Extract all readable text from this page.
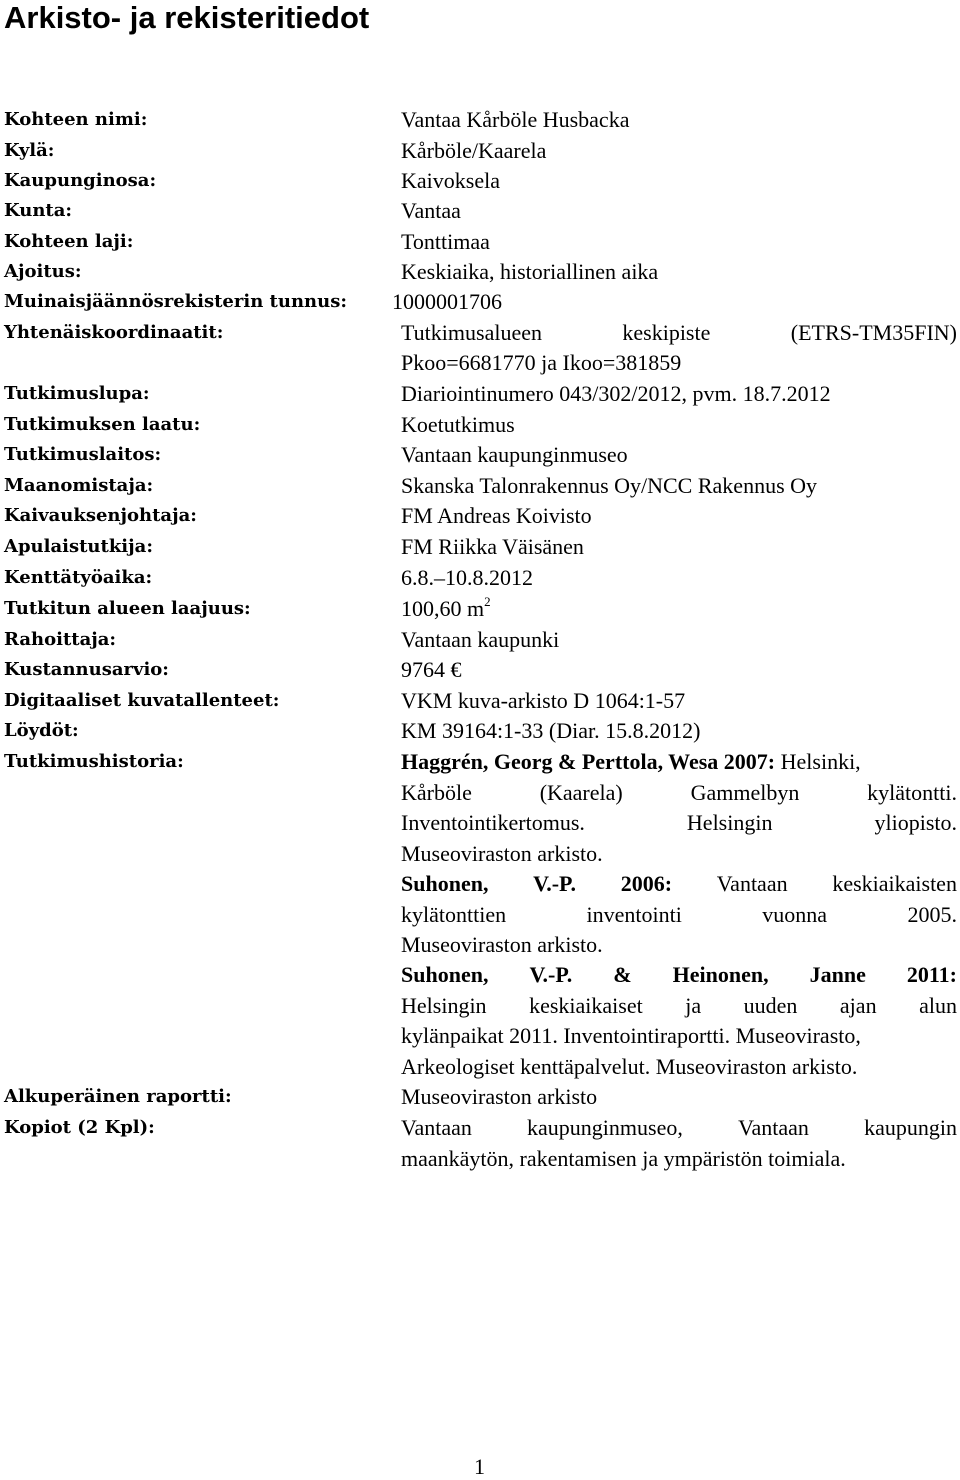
Arkisto- ja rekisteritiedot
Kohteen nimi:	Vantaa Kårböle Husbacka
Kylä:	Kårböle/Kaarela
Kaupunginosa:	Kaivoksela
Kunta:	Vantaa
Kohteen laji:	Tonttimaa
Ajoitus:	Keskiaika, historiallinen aika
Muinaisjäännösrekisterin tunnus: 1000001706
Yhtenäiskoordinaatit:	Tutkimusalueen	keskipiste	(ETRS-TM35FIN)
Pkoo=6681770 ja Ikoo=381859
Tutkimuslupa:	Diariointinumero 043/302/2012, pvm. 18.7.2012
Tutkimuksen laatu:	Koetutkimus
Tutkimuslaitos:	Vantaan kaupunginmuseo
Maanomistaja:	Skanska Talonrakennus Oy/NCC Rakennus Oy
Kaivauksenjohtaja:	FM Andreas Koivisto
Apulaistutkija:	FM Riikka Väisänen
Kenttätyöaika:	6.8.–10.8.2012
Tutkitun alueen laajuus:	100,60 $m^2$
Rahoittaja:	Vantaan kaupunki
Kustannusarvio:	9764 €
Digitaaliset kuvatallenteet:	VKM kuva-arkisto D 1064:1-57
Löydöt:	KM 39164:1-33 (Diar. 15.8.2012)
Tutkimushistoria:	Haggrén, Georg & Perttola, Wesa 2007: Helsinki,
Kårböle	(Kaarela)	Gammelbyn	kylätontti.
Inventointikertomus.	Helsingin	yliopisto.
Museoviraston arkisto.
Suhonen, V.-P. 2006: Vantaan keskiaikaisten
kylätonttien	inventointi	vuonna	2005.
Museoviraston arkisto.
Suhonen, V.-P. & Heinonen, Janne 2011:
Helsingin keskiaikaiset ja uuden ajan alun
kylänpaikat 2011. Inventointiraportti. Museovirasto,
Arkeologiset kenttäpalvelut. Museoviraston arkisto.
Alkuperäinen raportti:	Museoviraston arkisto
Kopiot (2 Kpl):	Vantaan	kaupunginmuseo,	Vantaan	kaupungin
maankäytön, rakentamisen ja ympäristön toimiala.
1
